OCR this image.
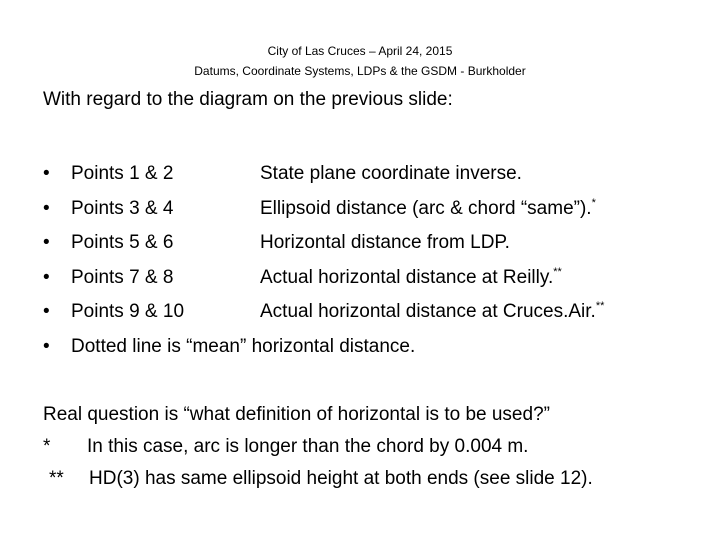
City of Las Cruces – April 24, 2015
Datums, Coordinate Systems, LDPs & the GSDM - Burkholder
With regard to the diagram on the previous slide:
•	Points 1 & 2	State plane coordinate inverse.
•	Points 3 & 4	Ellipsoid distance (arc & chord “same”).*
•	Points 5 & 6	Horizontal distance from LDP.
•	Points 7 & 8	Actual horizontal distance at Reilly.**
•	Points 9 & 10	Actual horizontal distance at Cruces.Air.**
•	Dotted line is “mean” horizontal distance.
Real question is “what definition of horizontal is to be used?”
* In this case, arc is longer than the chord by 0.004 m.
** HD(3) has same ellipsoid height at both ends (see slide 12).
